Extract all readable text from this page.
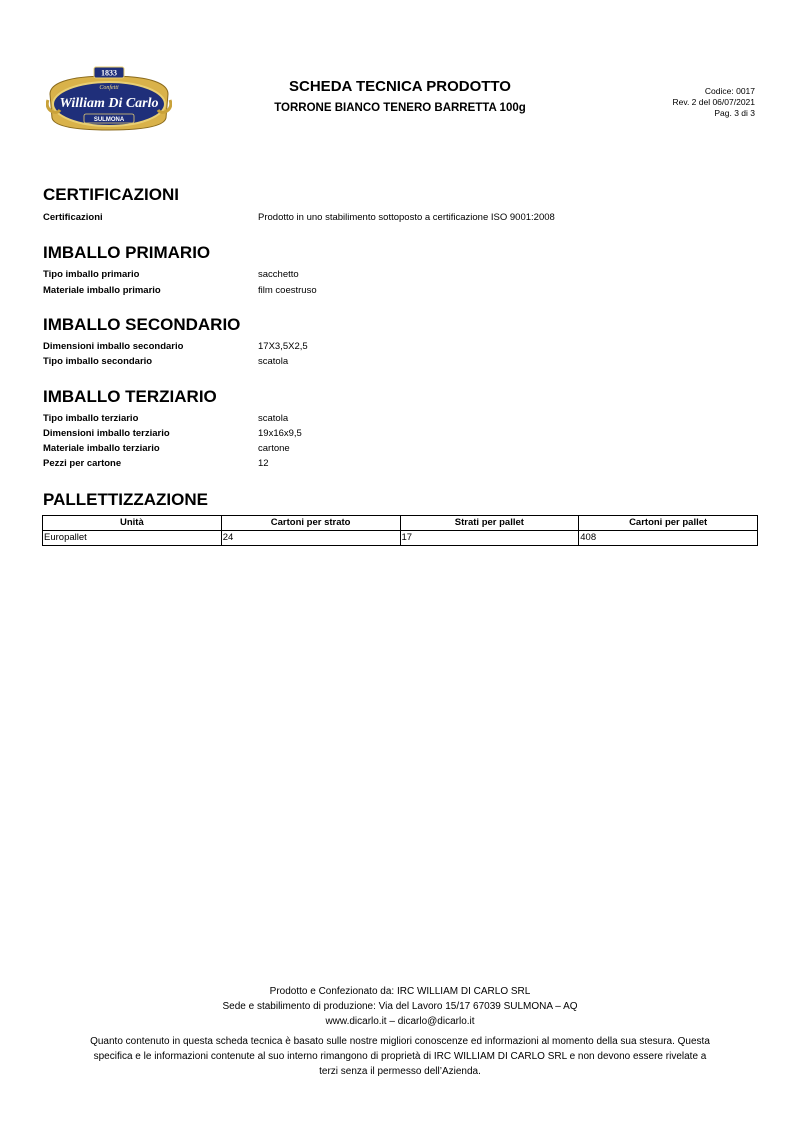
1833
Confetti
William Di Carlo
SULMONA
SCHEDA TECNICA PRODOTTO
TORRONE BIANCO TENERO BARRETTA 100g
Codice: 0017
Rev. 2 del 06/07/2021
Pag. 3 di 3
CERTIFICAZIONI
Certificazioni	Prodotto in uno stabilimento sottoposto a certificazione ISO 9001:2008
IMBALLO PRIMARIO
Tipo imballo primario	sacchetto
Materiale imballo primario	film coestruso
IMBALLO SECONDARIO
Dimensioni imballo secondario	17X3,5X2,5
Tipo imballo secondario	scatola
IMBALLO TERZIARIO
Tipo imballo terziario	scatola
Dimensioni imballo terziario	19x16x9,5
Materiale imballo terziario	cartone
Pezzi per cartone	12
PALLETTIZZAZIONE
Unità	Cartoni per strato	Strati per pallet	Cartoni per pallet
Europallet	24	17	408
Prodotto e Confezionato da: IRC WILLIAM DI CARLO SRL
Sede e stabilimento di produzione: Via del Lavoro 15/17 67039 SULMONA – AQ
www.dicarlo.it – dicarlo@dicarlo.it
Quanto contenuto in questa scheda tecnica è basato sulle nostre migliori conoscenze ed informazioni al momento della sua stesura. Questa
specifica e le informazioni contenute al suo interno rimangono di proprietà di IRC WILLIAM DI CARLO SRL e non devono essere rivelate a
terzi senza il permesso dell’Azienda.
